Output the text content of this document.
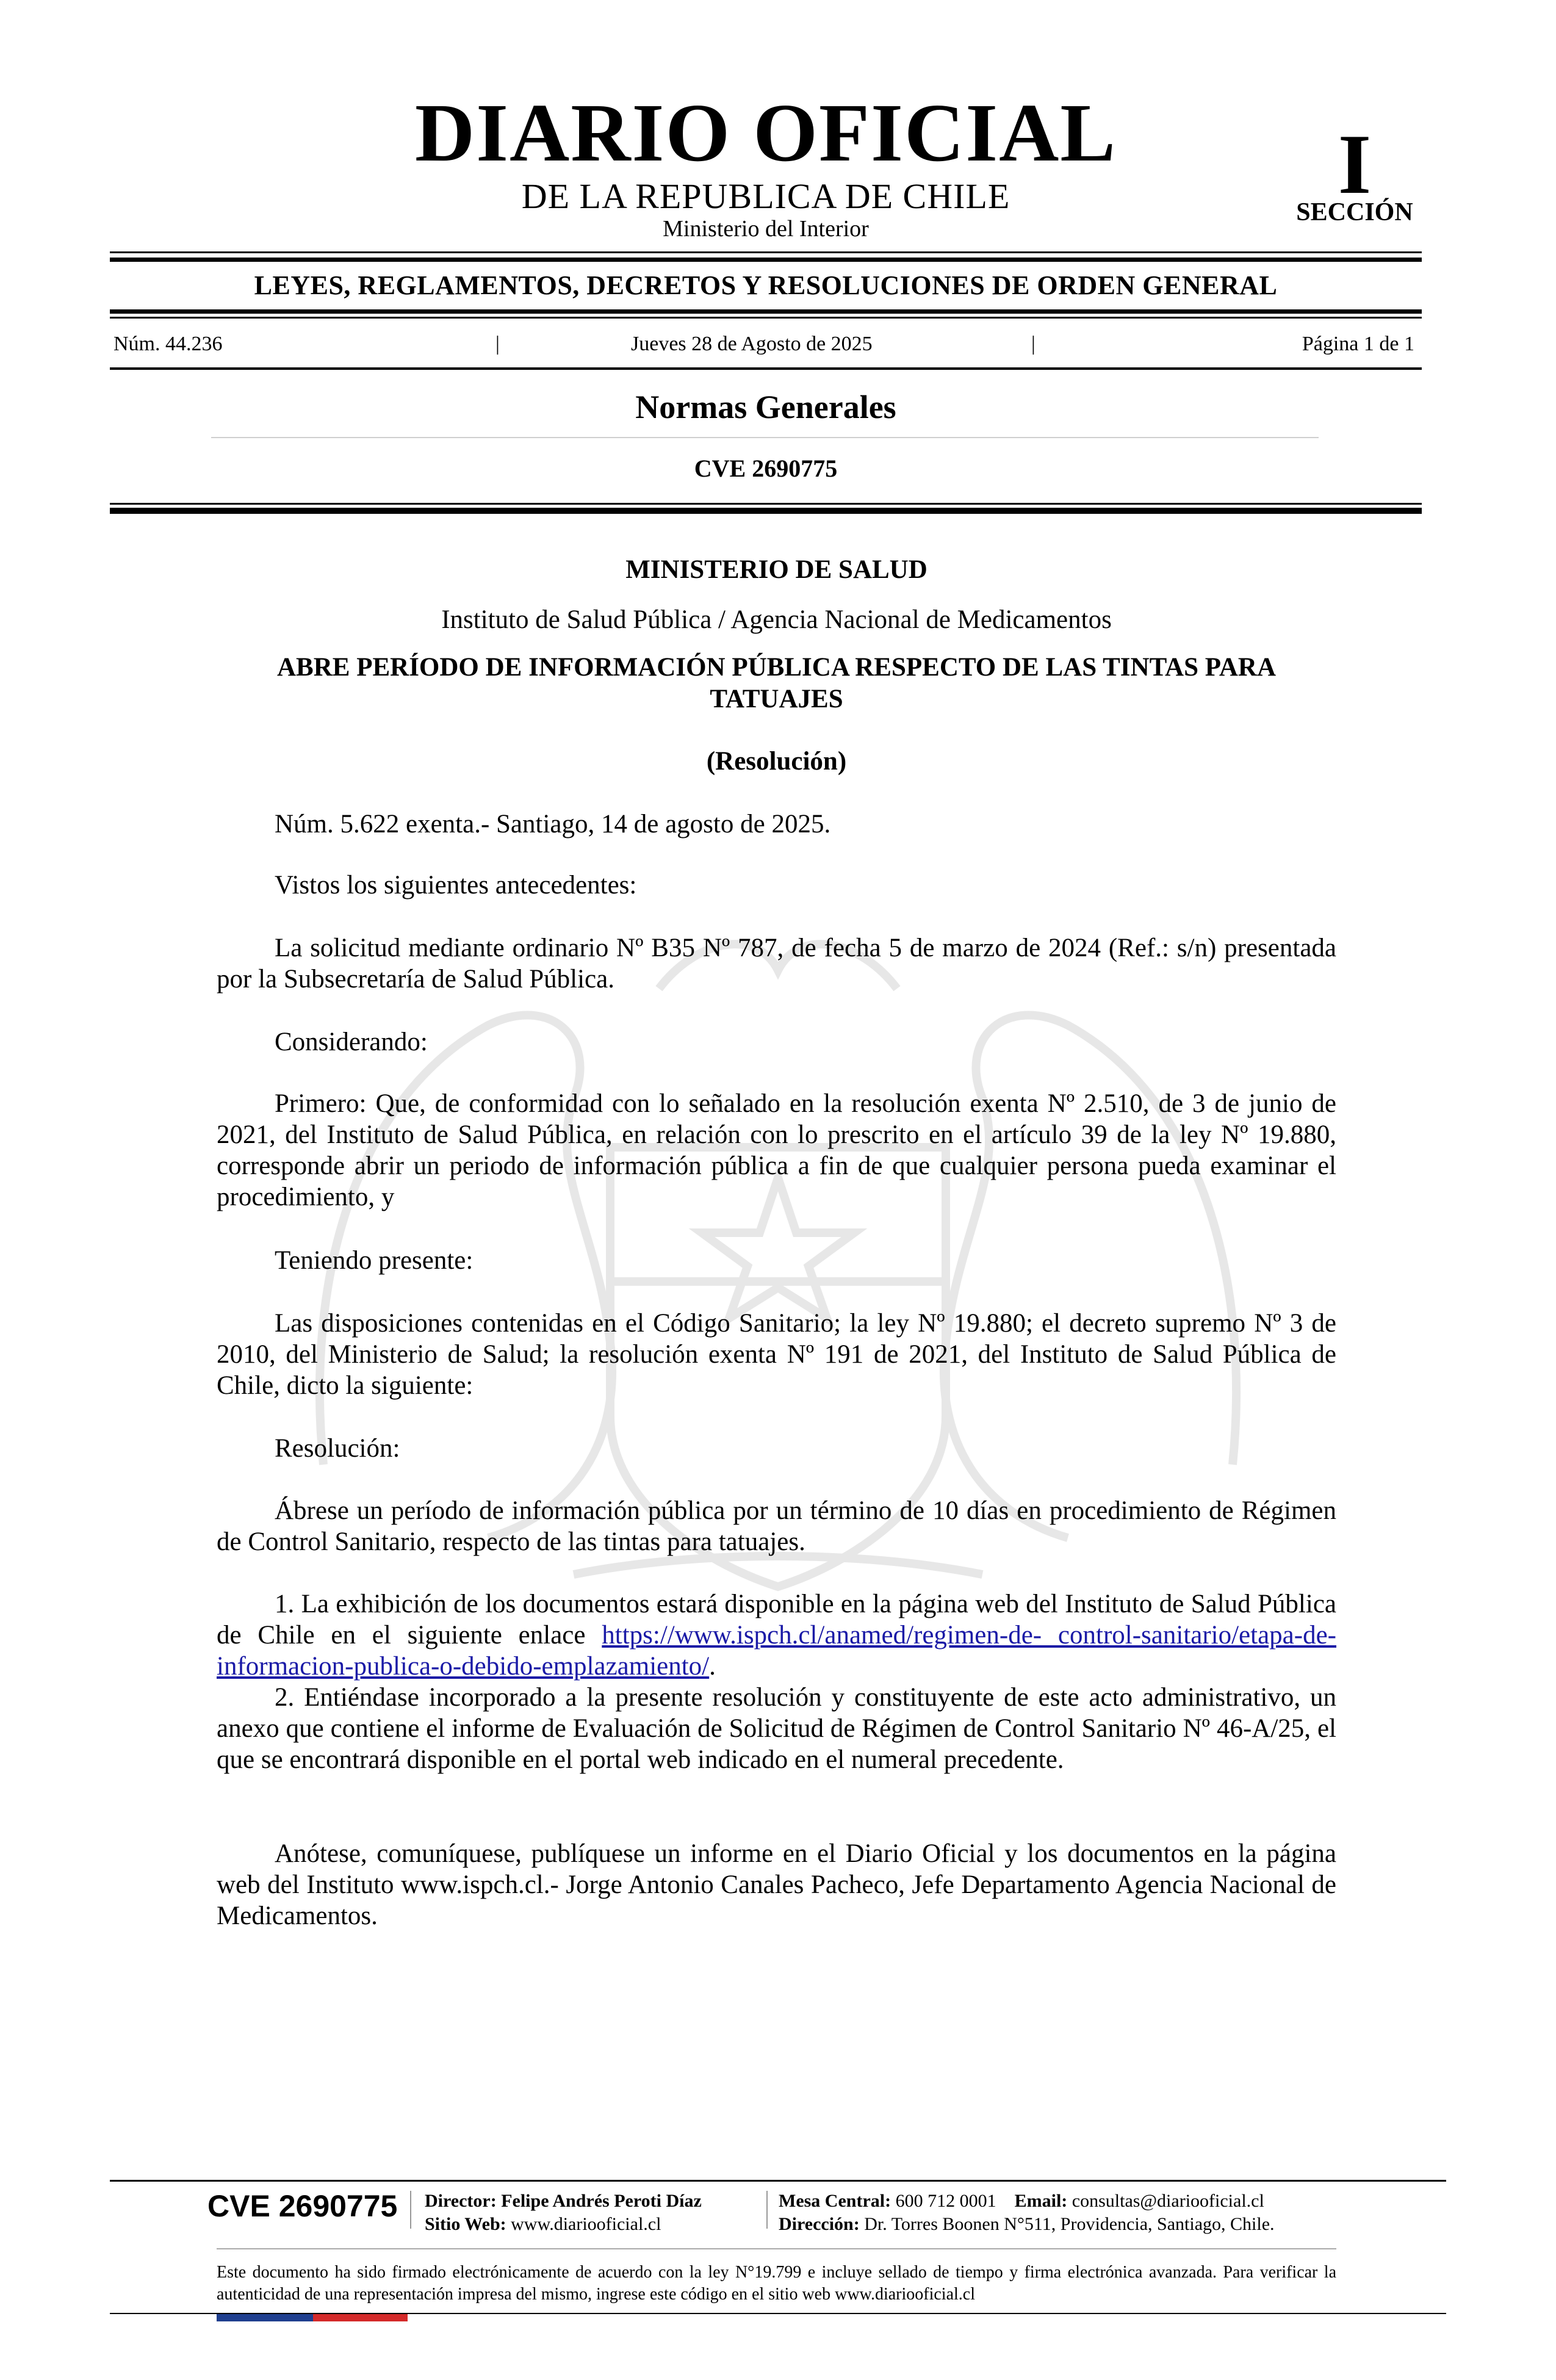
DIARIO OFICIAL
DE LA REPUBLICA DE CHILE
Ministerio del Interior
I
SECCIÓN
LEYES, REGLAMENTOS, DECRETOS Y RESOLUCIONES DE ORDEN GENERAL
Núm. 44.236	|	Jueves 28 de Agosto de 2025	|	Página 1 de 1
Normas Generales
CVE 2690775
MINISTERIO DE SALUD
Instituto de Salud Pública / Agencia Nacional de Medicamentos
ABRE PERÍODO DE INFORMACIÓN PÚBLICA RESPECTO DE LAS TINTAS PARA
TATUAJES
(Resolución)

Núm. 5.622 exenta.- Santiago, 14 de agosto de 2025.

Vistos los siguientes antecedentes:

La solicitud mediante ordinario Nº B35 Nº 787, de fecha 5 de marzo de 2024 (Ref.: s/n) presentada por la Subsecretaría de Salud Pública.

Considerando:

Primero: Que, de conformidad con lo señalado en la resolución exenta Nº 2.510, de 3 de junio de 2021, del Instituto de Salud Pública, en relación con lo prescrito en el artículo 39 de la ley Nº 19.880, corresponde abrir un periodo de información pública a fin de que cualquier persona pueda examinar el procedimiento, y

Teniendo presente:

Las disposiciones contenidas en el Código Sanitario; la ley Nº 19.880; el decreto supremo Nº 3 de 2010, del Ministerio de Salud; la resolución exenta Nº 191 de 2021, del Instituto de Salud Pública de Chile, dicto la siguiente:

Resolución:

Ábrese un período de información pública por un término de 10 días en procedimiento de Régimen de Control Sanitario, respecto de las tintas para tatuajes.

1. La exhibición de los documentos estará disponible en la página web del Instituto de Salud Pública de Chile en el siguiente enlace https://www.ispch.cl/anamed/regimen-de- control-sanitario/etapa-de-informacion-publica-o-debido-emplazamiento/.

2. Entiéndase incorporado a la presente resolución y constituyente de este acto administrativo, un anexo que contiene el informe de Evaluación de Solicitud de Régimen de Control Sanitario Nº 46-A/25, el que se encontrará disponible en el portal web indicado en el numeral precedente.

Anótese, comuníquese, publíquese un informe en el Diario Oficial y los documentos en la página web del Instituto www.ispch.cl.- Jorge Antonio Canales Pacheco, Jefe Departamento Agencia Nacional de Medicamentos.

CVE 2690775 Director: Felipe Andrés Peroti Díaz
Sitio Web: www.diariooficial.cl
Mesa Central: 600 712 0001 Email: consultas@diariooficial.cl
Dirección: Dr. Torres Boonen N°511, Providencia, Santiago, Chile.
Este documento ha sido firmado electrónicamente de acuerdo con la ley N°19.799 e incluye sellado de tiempo y firma electrónica avanzada. Para verificar la autenticidad de una representación impresa del mismo, ingrese este código en el sitio web www.diariooficial.cl
